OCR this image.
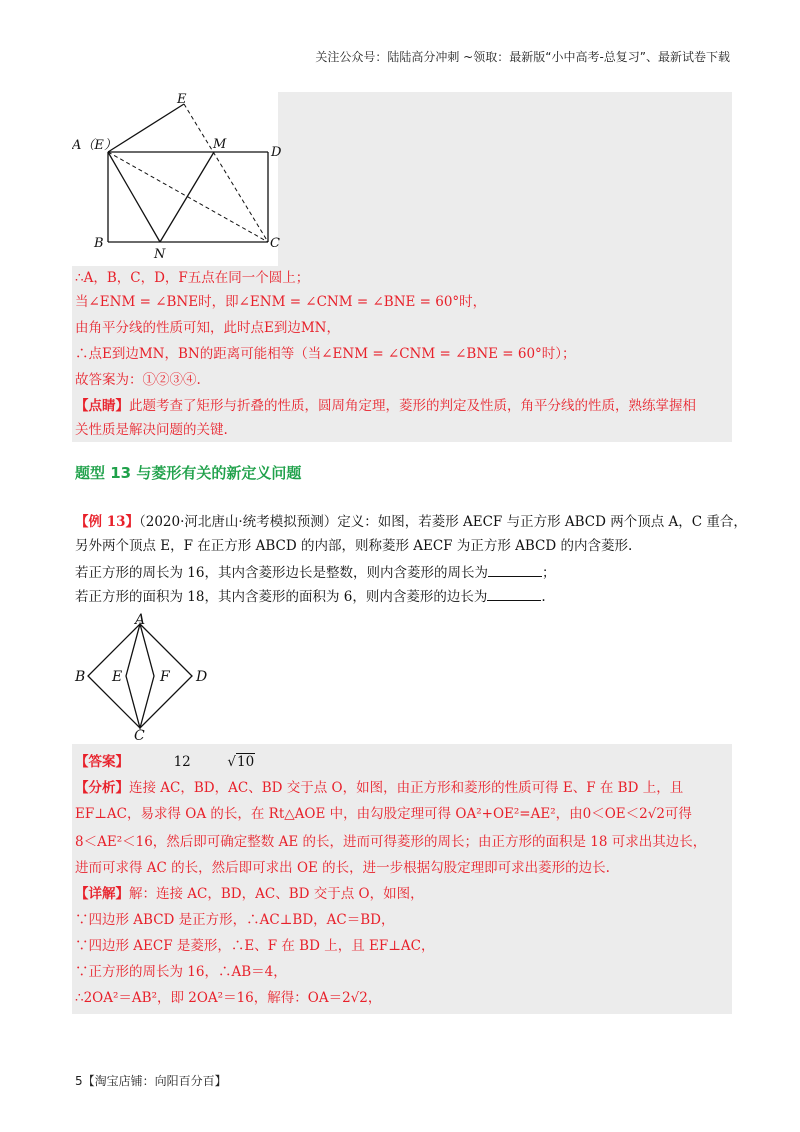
关注公众号：陆陆高分冲刺 ~领取：最新版“小中高考-总复习”、最新试卷下载
A（E）
E
M
D
B
N
C
∴A，B，C，D，F五点在同一个圆上；
当∠ENM = ∠BNE时，即∠ENM = ∠CNM = ∠BNE = 60°时，
由角平分线的性质可知，此时点E到边MN，
∴点E到边MN，BN的距离可能相等（当∠ENM = ∠CNM = ∠BNE = 60°时）；
故答案为：①②③④.
【点睛】此题考查了矩形与折叠的性质，圆周角定理，菱形的判定及性质，角平分线的性质，熟练掌握相
关性质是解决问题的关键.
题型 13 与菱形有关的新定义问题
【例 13】（2020·河北唐山·统考模拟预测）定义：如图，若菱形 AECF 与正方形 ABCD 两个顶点 A，C 重合，
另外两个顶点 E，F 在正方形 ABCD 的内部，则称菱形 AECF 为正方形 ABCD 的内含菱形.
若正方形的周长为 16，其内含菱形边长是整数，则内含菱形的周长为	；
若正方形的面积为 18，其内含菱形的面积为 6，则内含菱形的边长为	.
A
B
C
D
E	F
【答案】	12	√10
【分析】连接 AC，BD，AC、BD 交于点 O，如图，由正方形和菱形的性质可得 E、F 在 BD 上，且
EF⊥AC，易求得 OA 的长，在 Rt△AOE 中，由勾股定理可得 OA²+OE²=AE²，由0＜OE＜2√2可得
8＜AE²＜16，然后即可确定整数 AE 的长，进而可得菱形的周长；由正方形的面积是 18 可求出其边长，
进而可求得 AC 的长，然后即可求出 OE 的长，进一步根据勾股定理即可求出菱形的边长.
【详解】解：连接 AC，BD，AC、BD 交于点 O，如图，
∵四边形 ABCD 是正方形，∴AC⊥BD，AC＝BD，
∵四边形 AECF 是菱形，∴E、F 在 BD 上，且 EF⊥AC，
∵正方形的周长为 16，∴AB＝4，
∴2OA²＝AB²，即 2OA²＝16，解得：OA＝2√2，
5【淘宝店铺：向阳百分百】
